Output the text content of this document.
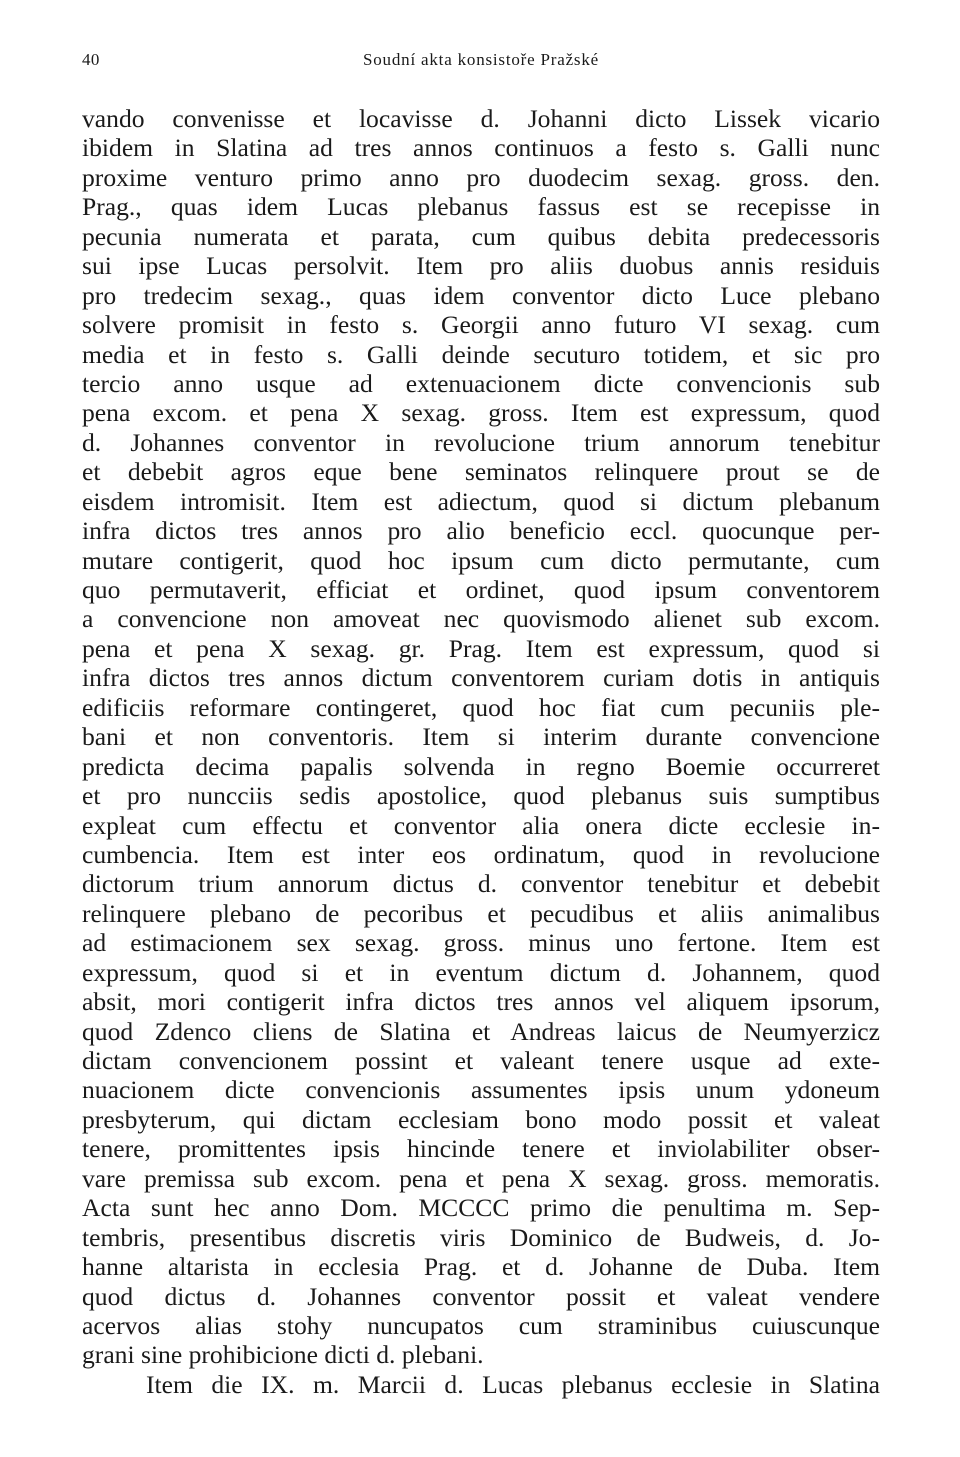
40	Soudní akta konsistoře Pražské
vando convenisse et locavisse d. Johanni dicto Lissek vicario
ibidem in Slatina ad tres annos continuos a festo s. Galli nunc
proxime venturo primo anno pro duodecim sexag. gross. den.
Prag., quas idem Lucas plebanus fassus est se recepisse in
pecunia numerata et parata, cum quibus debita predecessoris
sui ipse Lucas persolvit. Item pro aliis duobus annis residuis
pro tredecim sexag., quas idem conventor dicto Luce plebano
solvere promisit in festo s. Georgii anno futuro VI sexag. cum
media et in festo s. Galli deinde secuturo totidem, et sic pro
tercio anno usque ad extenuacionem dicte convencionis sub
pena excom. et pena X sexag. gross. Item est expressum, quod
d. Johannes conventor in revolucione trium annorum tenebitur
et debebit agros eque bene seminatos relinquere prout se de
eisdem intromisit. Item est adiectum, quod si dictum plebanum
infra dictos tres annos pro alio beneficio eccl. quocunque per-
mutare contigerit, quod hoc ipsum cum dicto permutante, cum
quo permutaverit, efficiat et ordinet, quod ipsum conventorem
a convencione non amoveat nec quovismodo alienet sub excom.
pena et pena X sexag. gr. Prag. Item est expressum, quod si
infra dictos tres annos dictum conventorem curiam dotis in antiquis
edificiis reformare contingeret, quod hoc fiat cum pecuniis ple-
bani et non conventoris. Item si interim durante convencione
predicta decima papalis solvenda in regno Boemie occurreret
et pro nuncciis sedis apostolice, quod plebanus suis sumptibus
expleat cum effectu et conventor alia onera dicte ecclesie in-
cumbencia. Item est inter eos ordinatum, quod in revolucione
dictorum trium annorum dictus d. conventor tenebitur et debebit
relinquere plebano de pecoribus et pecudibus et aliis animalibus
ad estimacionem sex sexag. gross. minus uno fertone. Item est
expressum, quod si et in eventum dictum d. Johannem, quod
absit, mori contigerit infra dictos tres annos vel aliquem ipsorum,
quod Zdenco cliens de Slatina et Andreas laicus de Neumyerzicz
dictam convencionem possint et valeant tenere usque ad exte-
nuacionem dicte convencionis assumentes ipsis unum ydoneum
presbyterum, qui dictam ecclesiam bono modo possit et valeat
tenere, promittentes ipsis hincinde tenere et inviolabiliter obser-
vare premissa sub excom. pena et pena X sexag. gross. memoratis.
Acta sunt hec anno Dom. MCCCC primo die penultima m. Sep-
tembris, presentibus discretis viris Dominico de Budweis, d. Jo-
hanne altarista in ecclesia Prag. et d. Johanne de Duba. Item
quod dictus d. Johannes conventor possit et valeat vendere
acervos alias stohy nuncupatos cum straminibus cuiuscunque
grani sine prohibicione dicti d. plebani.
Item die IX. m. Marcii d. Lucas plebanus ecclesie in Slatina
